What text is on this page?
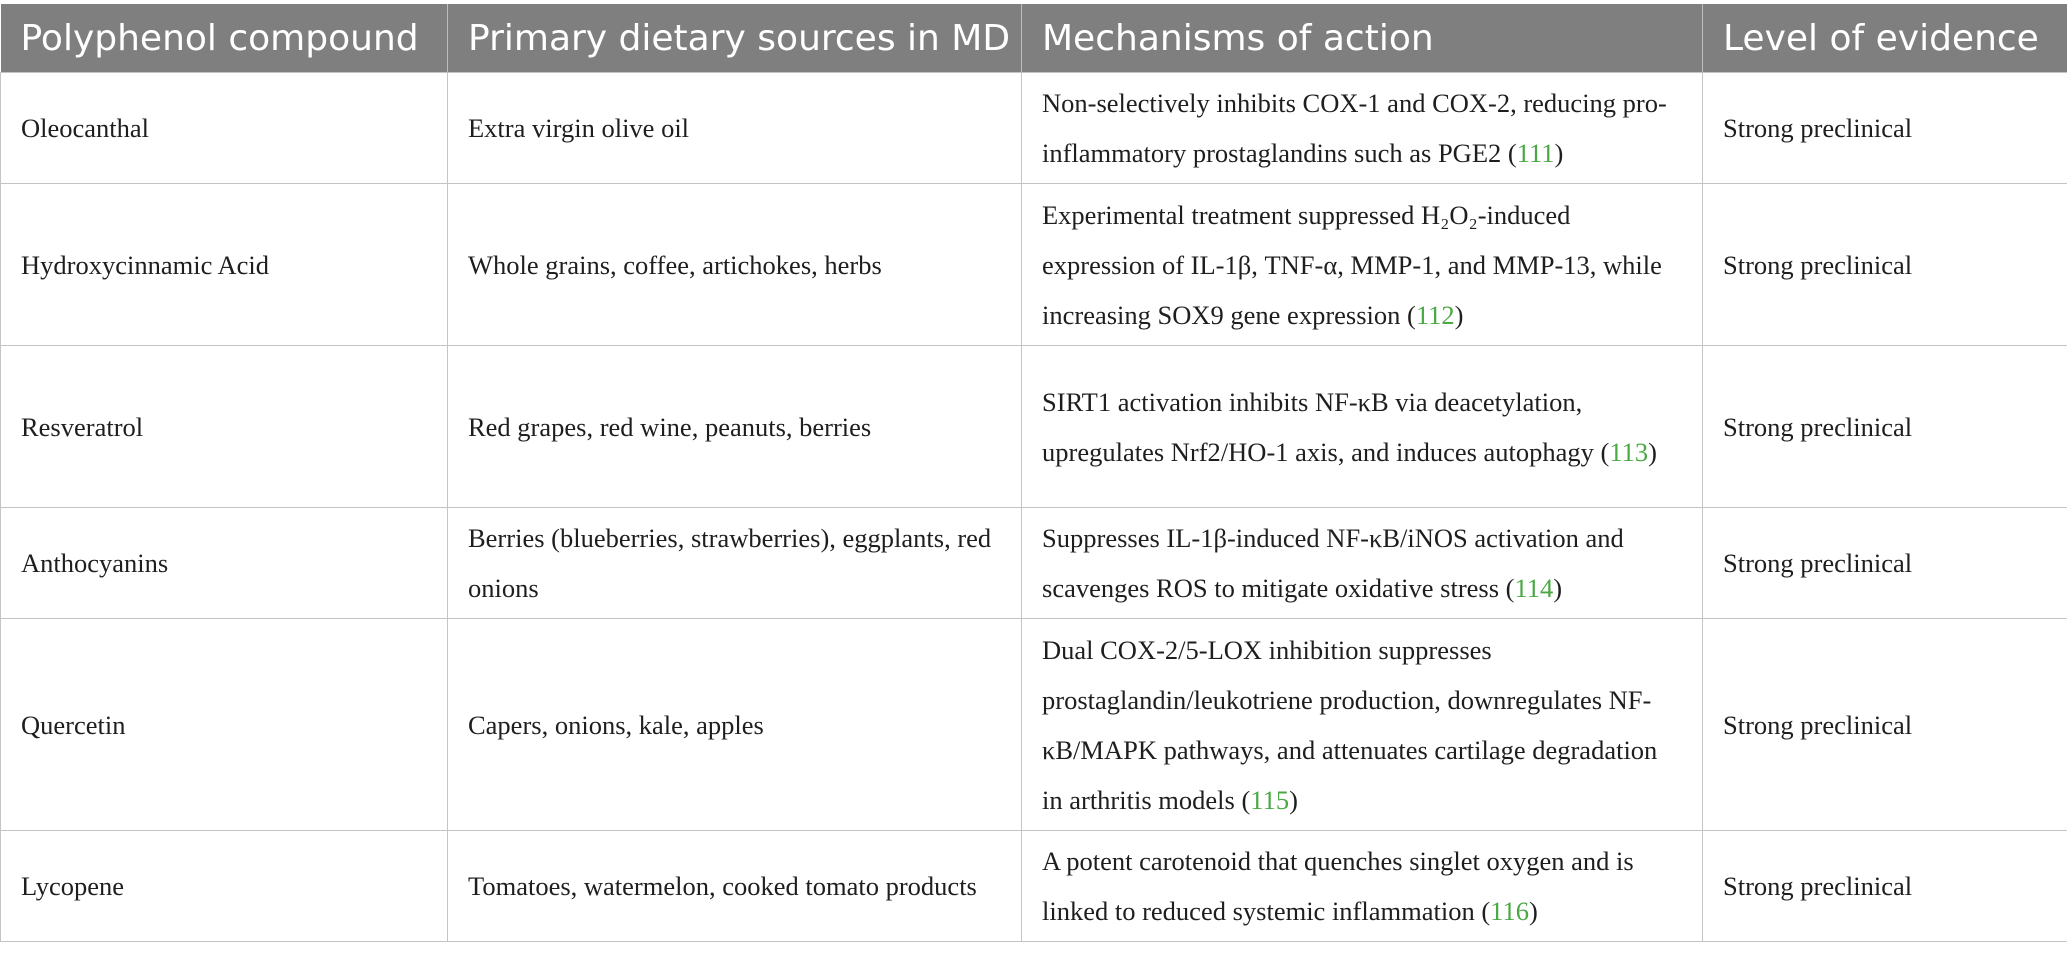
Polyphenol compound	Primary dietary sources in MD	Mechanisms of action	Level of evidence
Oleocanthal	Extra virgin olive oil	Non-selectively inhibits COX-1 and COX-2, reducing pro-inflammatory prostaglandins such as PGE2 (111)	Strong preclinical
Hydroxycinnamic Acid	Whole grains, coffee, artichokes, herbs	Experimental treatment suppressed H₂O₂-induced expression of IL-1β, TNF-α, MMP-1, and MMP-13, while increasing SOX9 gene expression (112)	Strong preclinical
Resveratrol	Red grapes, red wine, peanuts, berries	SIRT1 activation inhibits NF-κB via deacetylation, upregulates Nrf2/HO-1 axis, and induces autophagy (113)	Strong preclinical
Anthocyanins	Berries (blueberries, strawberries), eggplants, red onions	Suppresses IL-1β-induced NF-κB/iNOS activation and scavenges ROS to mitigate oxidative stress (114)	Strong preclinical
Quercetin	Capers, onions, kale, apples	Dual COX-2/5-LOX inhibition suppresses prostaglandin/leukotriene production, downregulates NF-κB/MAPK pathways, and attenuates cartilage degradation in arthritis models (115)	Strong preclinical
Lycopene	Tomatoes, watermelon, cooked tomato products	A potent carotenoid that quenches singlet oxygen and is linked to reduced systemic inflammation (116)	Strong preclinical
